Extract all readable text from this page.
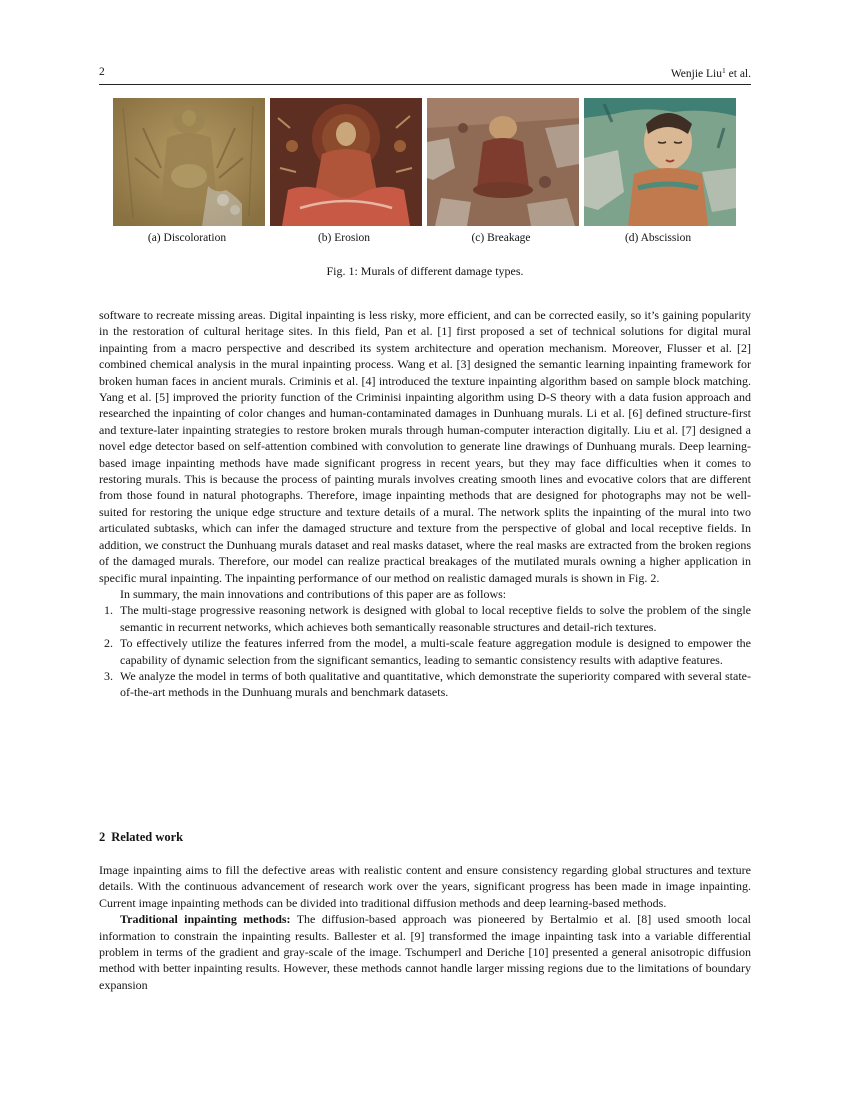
2	Wenjie Liu$^1$ et al.
(a) Discoloration	(b) Erosion	(c) Breakage	(d) Abscission
Fig. 1: Murals of different damage types.

software to recreate missing areas. Digital inpainting is less risky, more efficient, and can be corrected easily, so it’s gaining popularity in the restoration of cultural heritage sites. In this field, Pan et al. [1] first proposed a set of technical solutions for digital mural inpainting from a macro perspective and described its system architecture and operation mechanism. Moreover, Flusser et al. [2] combined chemical analysis in the mural inpainting process. Wang et al. [3] designed the semantic learning inpainting framework for broken human faces in ancient murals. Criminis et al. [4] introduced the texture inpainting algorithm based on sample block matching. Yang et al. [5] improved the priority function of the Criminisi inpainting algorithm using D-S theory with a data fusion approach and researched the inpainting of color changes and human-contaminated damages in Dunhuang murals. Li et al. [6] defined structure-first and texture-later inpainting strategies to restore broken murals through human-computer interaction digitally. Liu et al. [7] designed a novel edge detector based on self-attention combined with convolution to generate line drawings of Dunhuang murals. Deep learning-based image inpainting methods have made significant progress in recent years, but they may face difficulties when it comes to restoring murals. This is because the process of painting murals involves creating smooth lines and evocative colors that are different from those found in natural photographs. Therefore, image inpainting methods that are designed for photographs may not be well-suited for restoring the unique edge structure and texture details of a mural. The network splits the inpainting of the mural into two articulated subtasks, which can infer the damaged structure and texture from the perspective of global and local receptive fields. In addition, we construct the Dunhuang murals dataset and real masks dataset, where the real masks are extracted from the broken regions of the damaged murals. Therefore, our model can realize practical breakages of the mutilated murals owning a higher application in specific mural inpainting. The inpainting performance of our method on realistic damaged murals is shown in Fig. 2.

In summary, the main innovations and contributions of this paper are as follows:

1. The multi-stage progressive reasoning network is designed with global to local receptive fields to solve the problem of the single semantic in recurrent networks, which achieves both semantically reasonable structures and detail-rich textures.
2. To effectively utilize the features inferred from the model, a multi-scale feature aggregation module is designed to empower the capability of dynamic selection from the significant semantics, leading to semantic consistency results with adaptive features.
3. We analyze the model in terms of both qualitative and quantitative, which demonstrate the superiority compared with several state-of-the-art methods in the Dunhuang murals and benchmark datasets.
2 Related work

Image inpainting aims to fill the defective areas with realistic content and ensure consistency regarding global structures and texture details. With the continuous advancement of research work over the years, significant progress has been made in image inpainting. Current image inpainting methods can be divided into traditional diffusion methods and deep learning-based methods.

Traditional inpainting methods: The diffusion-based approach was pioneered by Bertalmio et al. [8] used smooth local information to constrain the inpainting results. Ballester et al. [9] transformed the image inpainting task into a variable differential problem in terms of the gradient and gray-scale of the image. Tschumperl and Deriche [10] presented a general anisotropic diffusion method with better inpainting results. However, these methods cannot handle larger missing regions due to the limitations of boundary expansion
